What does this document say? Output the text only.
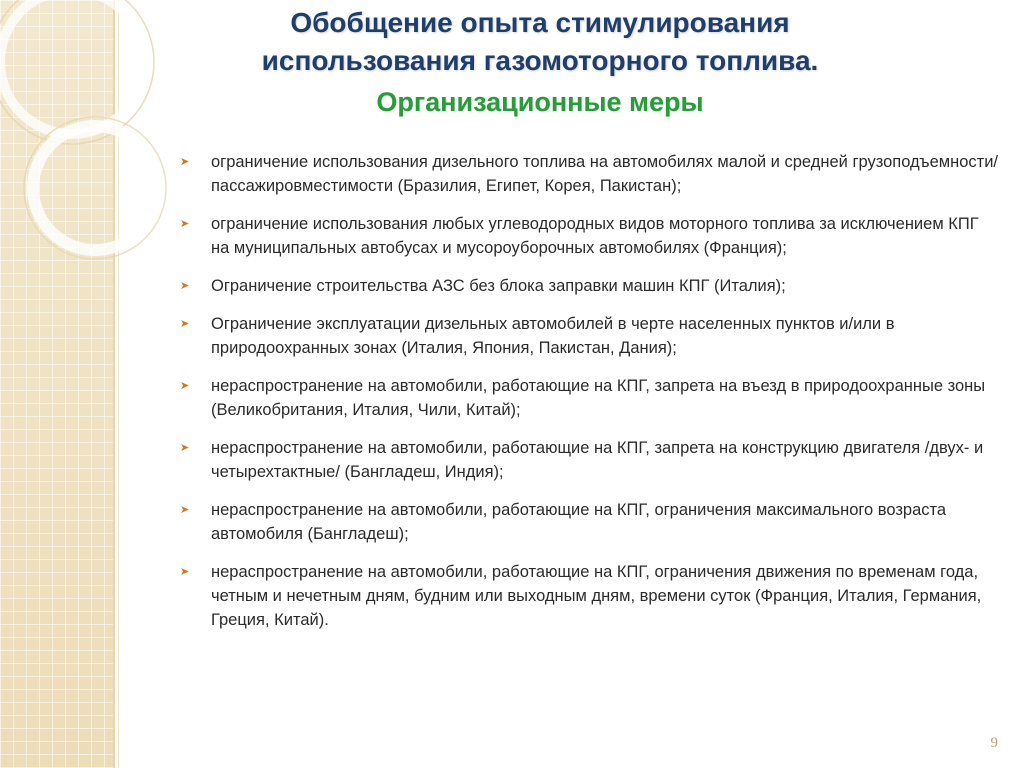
Обобщение опыта стимулирования использования газомоторного топлива.
Организационные меры
➤ ограничение использования дизельного топлива на автомобилях малой и средней грузоподъемности/пассажировместимости (Бразилия, Египет, Корея, Пакистан);
➤ ограничение использования любых углеводородных видов моторного топлива за исключением КПГ на муниципальных автобусах и мусороуборочных автомобилях (Франция);
➤ Ограничение строительства АЗС без блока заправки машин КПГ (Италия);
➤ Ограничение эксплуатации дизельных автомобилей в черте населенных пунктов и/или в природоохранных зонах (Италия, Япония, Пакистан, Дания);
➤ нераспространение на автомобили, работающие на КПГ, запрета на въезд в природоохранные зоны (Великобритания, Италия, Чили, Китай);
➤ нераспространение на автомобили, работающие на КПГ, запрета на конструкцию двигателя /двух- и четырехтактные/ (Бангладеш, Индия);
➤ нераспространение на автомобили, работающие на КПГ, ограничения максимального возраста автомобиля (Бангладеш);
➤ нераспространение на автомобили, работающие на КПГ, ограничения движения по временам года, четным и нечетным дням, будним или выходным дням, времени суток (Франция, Италия, Германия, Греция, Китай).
9
